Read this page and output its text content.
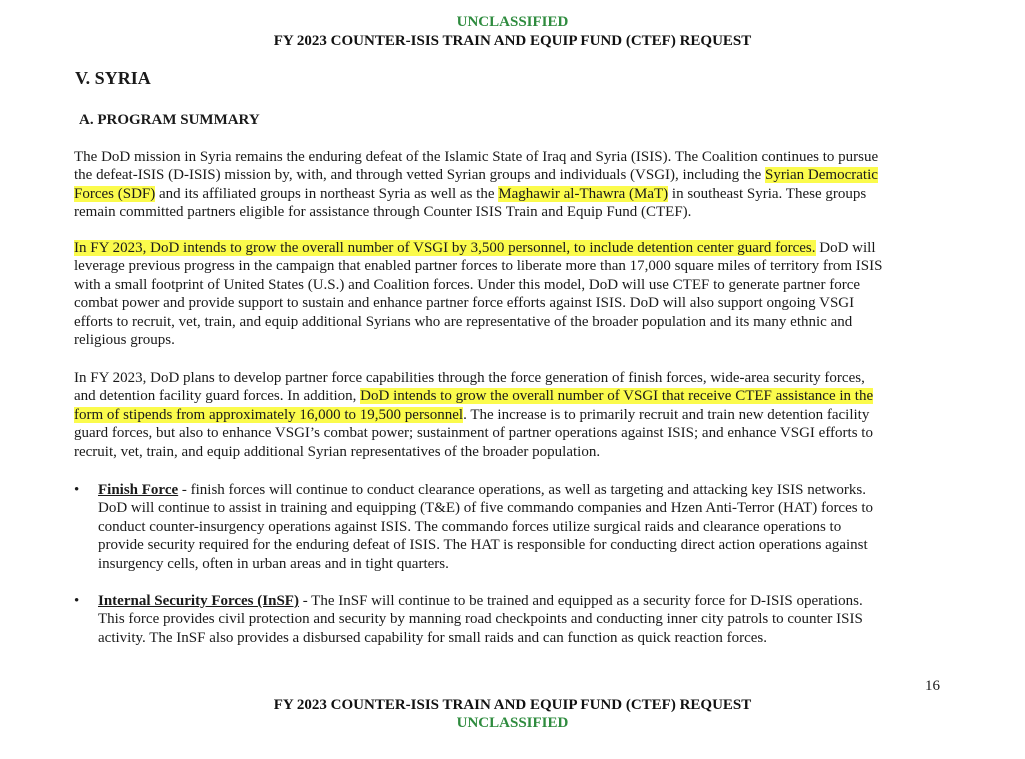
UNCLASSIFIED
FY 2023 COUNTER-ISIS TRAIN AND EQUIP FUND (CTEF) REQUEST
V. SYRIA
A. PROGRAM SUMMARY
The DoD mission in Syria remains the enduring defeat of the Islamic State of Iraq and Syria (ISIS). The Coalition continues to pursue
the defeat-ISIS (D-ISIS) mission by, with, and through vetted Syrian groups and individuals (VSGI), including the Syrian Democratic
Forces (SDF) and its affiliated groups in northeast Syria as well as the Maghawir al-Thawra (MaT) in southeast Syria. These groups
remain committed partners eligible for assistance through Counter ISIS Train and Equip Fund (CTEF).
In FY 2023, DoD intends to grow the overall number of VSGI by 3,500 personnel, to include detention center guard forces. DoD will
leverage previous progress in the campaign that enabled partner forces to liberate more than 17,000 square miles of territory from ISIS
with a small footprint of United States (U.S.) and Coalition forces. Under this model, DoD will use CTEF to generate partner force
combat power and provide support to sustain and enhance partner force efforts against ISIS. DoD will also support ongoing VSGI
efforts to recruit, vet, train, and equip additional Syrians who are representative of the broader population and its many ethnic and
religious groups.
In FY 2023, DoD plans to develop partner force capabilities through the force generation of finish forces, wide-area security forces,
and detention facility guard forces. In addition, DoD intends to grow the overall number of VSGI that receive CTEF assistance in the
form of stipends from approximately 16,000 to 19,500 personnel. The increase is to primarily recruit and train new detention facility
guard forces, but also to enhance VSGI’s combat power; sustainment of partner operations against ISIS; and enhance VSGI efforts to
recruit, vet, train, and equip additional Syrian representatives of the broader population.
•	Finish Force - finish forces will continue to conduct clearance operations, as well as targeting and attacking key ISIS networks.
DoD will continue to assist in training and equipping (T&E) of five commando companies and Hzen Anti-Terror (HAT) forces to
conduct counter-insurgency operations against ISIS. The commando forces utilize surgical raids and clearance operations to
provide security required for the enduring defeat of ISIS. The HAT is responsible for conducting direct action operations against
insurgency cells, often in urban areas and in tight quarters.
•	Internal Security Forces (InSF) - The InSF will continue to be trained and equipped as a security force for D-ISIS operations.
This force provides civil protection and security by manning road checkpoints and conducting inner city patrols to counter ISIS
activity. The InSF also provides a disbursed capability for small raids and can function as quick reaction forces.
16
FY 2023 COUNTER-ISIS TRAIN AND EQUIP FUND (CTEF) REQUEST
UNCLASSIFIED
